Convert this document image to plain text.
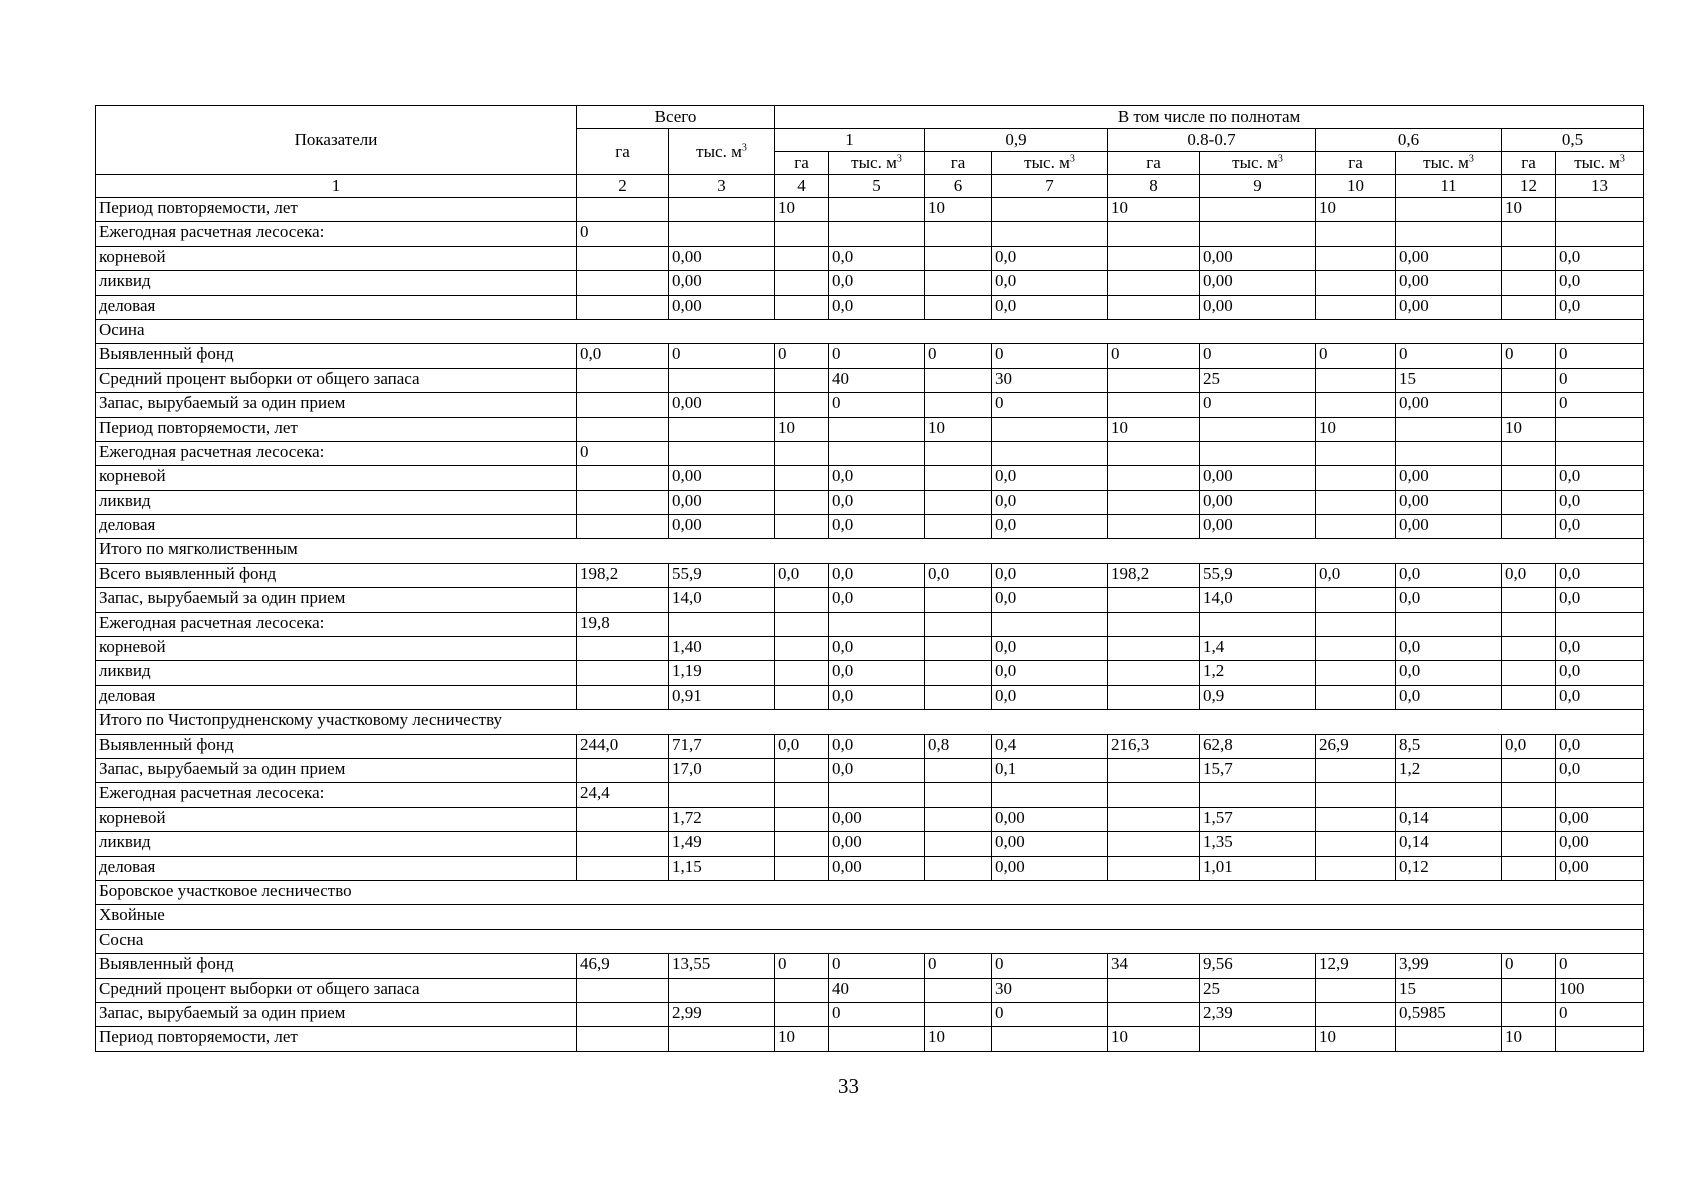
Показатели	Всего		В том числе по полнотам									
	га	тыс. $м^3$	1		0,9		0.8-0.7		0,6		0,5	
			га	тыс. $м^3$	га	тыс. $м^3$	га	тыс. $м^3$	га	тыс. $м^3$	га	тыс. $м^3$
1	2	3	4	5	6	7	8	9	10	11	12	13
Период повторяемости, лет			10		10		10		10		10	
Ежегодная расчетная лесосека:	0											
корневой		0,00		0,0		0,0		0,00		0,00		0,0
ликвид		0,00		0,0		0,0		0,00		0,00		0,0
деловая		0,00		0,0		0,0		0,00		0,00		0,0
Осина												
Выявленный фонд	0,0	0	0	0	0	0	0	0	0	0	0	0
Средний процент выборки от общего запаса				40		30		25		15		0
Запас, вырубаемый за один прием		0,00		0		0		0		0,00		0
Период повторяемости, лет			10		10		10		10		10	
Ежегодная расчетная лесосека:	0											
корневой		0,00		0,0		0,0		0,00		0,00		0,0
ликвид		0,00		0,0		0,0		0,00		0,00		0,0
деловая		0,00		0,0		0,0		0,00		0,00		0,0
Итого по мягколиственным												
Всего выявленный фонд	198,2	55,9	0,0	0,0	0,0	0,0	198,2	55,9	0,0	0,0	0,0	0,0
Запас, вырубаемый за один прием		14,0		0,0		0,0		14,0		0,0		0,0
Ежегодная расчетная лесосека:	19,8											
корневой		1,40		0,0		0,0		1,4		0,0		0,0
ликвид		1,19		0,0		0,0		1,2		0,0		0,0
деловая		0,91		0,0		0,0		0,9		0,0		0,0
Итого по Чистопрудненскому участковому лесничеству												
Выявленный фонд	244,0	71,7	0,0	0,0	0,8	0,4	216,3	62,8	26,9	8,5	0,0	0,0
Запас, вырубаемый за один прием		17,0		0,0		0,1		15,7		1,2		0,0
Ежегодная расчетная лесосека:	24,4											
корневой		1,72		0,00		0,00		1,57		0,14		0,00
ликвид		1,49		0,00		0,00		1,35		0,14		0,00
деловая		1,15		0,00		0,00		1,01		0,12		0,00
Боровское участковое лесничество												
Хвойные												
Сосна												
Выявленный фонд	46,9	13,55	0	0	0	0	34	9,56	12,9	3,99	0	0
Средний процент выборки от общего запаса				40		30		25		15		100
Запас, вырубаемый за один прием		2,99		0		0		2,39		0,5985		0
Период повторяемости, лет			10		10		10		10		10	
33
